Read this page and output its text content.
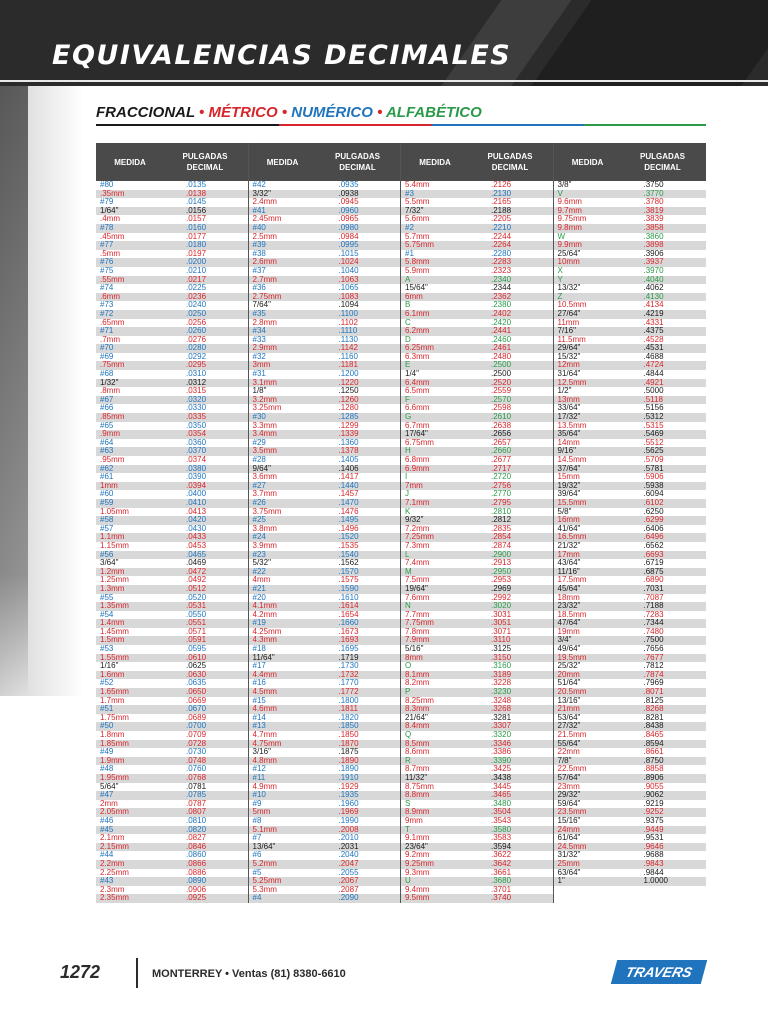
EQUIVALENCIAS DECIMALES
FRACCIONAL • MÉTRICO • NUMÉRICO • ALFABÉTICO
MEDIDA
PULGADAS DECIMAL
#80	.0135
.35mm	.0138
#79	.0145
1/64"	.0156
.4mm	.0157
#78	.0160
.45mm	.0177
#77	.0180
.5mm	.0197
#76	.0200
#75	.0210
.55mm	.0217
#74	.0225
.6mm	.0236
#73	.0240
#72	.0250
.65mm	.0256
#71	.0260
.7mm	.0276
#70	.0280
#69	.0292
.75mm	.0295
#68	.0310
1/32"	.0312
.8mm	.0315
#67	.0320
#66	.0330
.85mm	.0335
#65	.0350
.9mm	.0354
#64	.0360
#63	.0370
.95mm	.0374
#62	.0380
#61	.0390
1mm	.0394
#60	.0400
#59	.0410
1.05mm	.0413
#58	.0420
#57	.0430
1.1mm	.0433
1.15mm	.0453
#56	.0465
3/64"	.0469
1.2mm	.0472
1.25mm	.0492
1.3mm	.0512
#55	.0520
1.35mm	.0531
#54	.0550
1.4mm	.0551
1.45mm	.0571
1.5mm	.0591
#53	.0595
1.55mm	.0610
1/16"	.0625
1.6mm	.0630
#52	.0635
1.65mm	.0650
1.7mm	.0669
#51	.0670
1.75mm	.0689
#50	.0700
1.8mm	.0709
1.85mm	.0728
#49	.0730
1.9mm	.0748
#48	.0760
1.95mm	.0768
5/64"	.0781
#47	.0785
2mm	.0787
2.05mm	.0807
#46	.0810
#45	.0820
2.1mm	.0827
2.15mm	.0846
#44	.0860
2.2mm	.0866
2.25mm	.0886
#43	.0890
2.3mm	.0906
2.35mm	.0925
MEDIDA
PULGADAS DECIMAL
#42	.0935
3/32"	.0938
2.4mm	.0945
#41	.0960
2.45mm	.0965
#40	.0980
2.5mm	.0984
#39	.0995
#38	.1015
2.6mm	.1024
#37	.1040
2.7mm	.1063
#36	.1065
2.75mm	.1083
7/64"	.1094
#35	.1100
2.8mm	.1102
#34	.1110
#33	.1130
2.9mm	.1142
#32	.1160
3mm	.1181
#31	.1200
3.1mm	.1220
1/8"	.1250
3.2mm	.1260
3.25mm	.1280
#30	.1285
3.3mm	.1299
3.4mm	.1339
#29	.1360
3.5mm	.1378
#28	.1405
9/64"	.1406
3.6mm	.1417
#27	.1440
3.7mm	.1457
#26	.1470
3.75mm	.1476
#25	.1495
3.8mm	.1496
#24	.1520
3.9mm	.1535
#23	.1540
5/32"	.1562
#22	.1570
4mm	.1575
#21	.1590
#20	.1610
4.1mm	.1614
4.2mm	.1654
#19	.1660
4.25mm	.1673
4.3mm	.1693
#18	.1695
11/64"	.1719
#17	.1730
4.4mm	.1732
#16	.1770
4.5mm	.1772
#15	.1800
4.6mm	.1811
#14	.1820
#13	.1850
4.7mm	.1850
4.75mm	.1870
3/16"	.1875
4.8mm	.1890
#12	.1890
#11	.1910
4.9mm	.1929
#10	.1935
#9	.1960
5mm	.1969
#8	.1990
5.1mm	.2008
#7	.2010
13/64"	.2031
#6	.2040
5.2mm	.2047
#5	.2055
5.25mm	.2067
5.3mm	.2087
#4	.2090
MEDIDA
PULGADAS DECIMAL
5.4mm	.2126
#3	.2130
5.5mm	.2165
7/32"	.2188
5.6mm	.2205
#2	.2210
5.7mm	.2244
5.75mm	.2264
#1	.2280
5.8mm	.2283
5.9mm	.2323
A	.2340
15/64"	.2344
6mm	.2362
B	.2380
6.1mm	.2402
C	.2420
6.2mm	.2441
D	.2460
6.25mm	.2461
6.3mm	.2480
E	.2500
1/4"	.2500
6.4mm	.2520
6.5mm	.2559
F	.2570
6.6mm	.2598
G	.2610
6.7mm	.2638
17/64"	.2656
6.75mm	.2657
H	.2660
6.8mm	.2677
6.9mm	.2717
I	.2720
7mm	.2756
J	.2770
7.1mm	.2795
K	.2810
9/32"	.2812
7.2mm	.2835
7.25mm	.2854
7.3mm	.2874
L	.2900
7.4mm	.2913
M	.2950
7.5mm	.2953
19/64"	.2969
7.6mm	.2992
N	.3020
7.7mm	.3031
7.75mm	.3051
7.8mm	.3071
7.9mm	.3110
5/16"	.3125
8mm	.3150
O	.3160
8.1mm	.3189
8.2mm	.3228
P	.3230
8.25mm	.3248
8.3mm	.3268
21/64"	.3281
8.4mm	.3307
Q	.3320
8.5mm	.3346
8.6mm	.3386
R	.3390
8.7mm	.3425
11/32"	.3438
8.75mm	.3445
8.8mm	.3465
S	.3480
8.9mm	.3504
9mm	.3543
T	.3580
9.1mm	.3583
23/64"	.3594
9.2mm	.3622
9.25mm	.3642
9.3mm	.3661
U	.3680
9.4mm	.3701
9.5mm	.3740
MEDIDA
PULGADAS DECIMAL
3/8"	.3750
V	.3770
9.6mm	.3780
9.7mm	.3819
9.75mm	.3839
9.8mm	.3858
W	.3860
9.9mm	.3898
25/64"	.3906
10mm	.3937
X	.3970
Y	.4040
13/32"	.4062
Z	.4130
10.5mm	.4134
27/64"	.4219
11mm	.4331
7/16"	.4375
11.5mm	.4528
29/64"	.4531
15/32"	.4688
12mm	.4724
31/64"	.4844
12.5mm	.4921
1/2"	.5000
13mm	.5118
33/64"	.5156
17/32"	.5312
13.5mm	.5315
35/64"	.5469
14mm	.5512
9/16"	.5625
14.5mm	.5709
37/64"	.5781
15mm	.5906
19/32"	.5938
39/64"	.6094
15.5mm	.6102
5/8"	.6250
16mm	.6299
41/64"	.6406
16.5mm	.6496
21/32"	.6562
17mm	.6693
43/64"	.6719
11/16"	.6875
17.5mm	.6890
45/64"	.7031
18mm	.7087
23/32"	.7188
18.5mm	.7283
47/64"	.7344
19mm	.7480
3/4"	.7500
49/64"	.7656
19.5mm	.7677
25/32"	.7812
20mm	.7874
51/64"	.7969
20.5mm	.8071
13/16"	.8125
21mm	.8268
53/64"	.8281
27/32"	.8438
21.5mm	.8465
55/64"	.8594
22mm	.8661
7/8"	.8750
22.5mm	.8858
57/64"	.8906
23mm	.9055
29/32"	.9062
59/64"	.9219
23.5mm	.9252
15/16"	.9375
24mm	.9449
61/64"	.9531
24.5mm	.9646
31/32"	.9688
25mm	.9843
63/64"	.9844
1"	1.0000
1272	MONTERREY • Ventas (81) 8380-6610	TRAVERS
